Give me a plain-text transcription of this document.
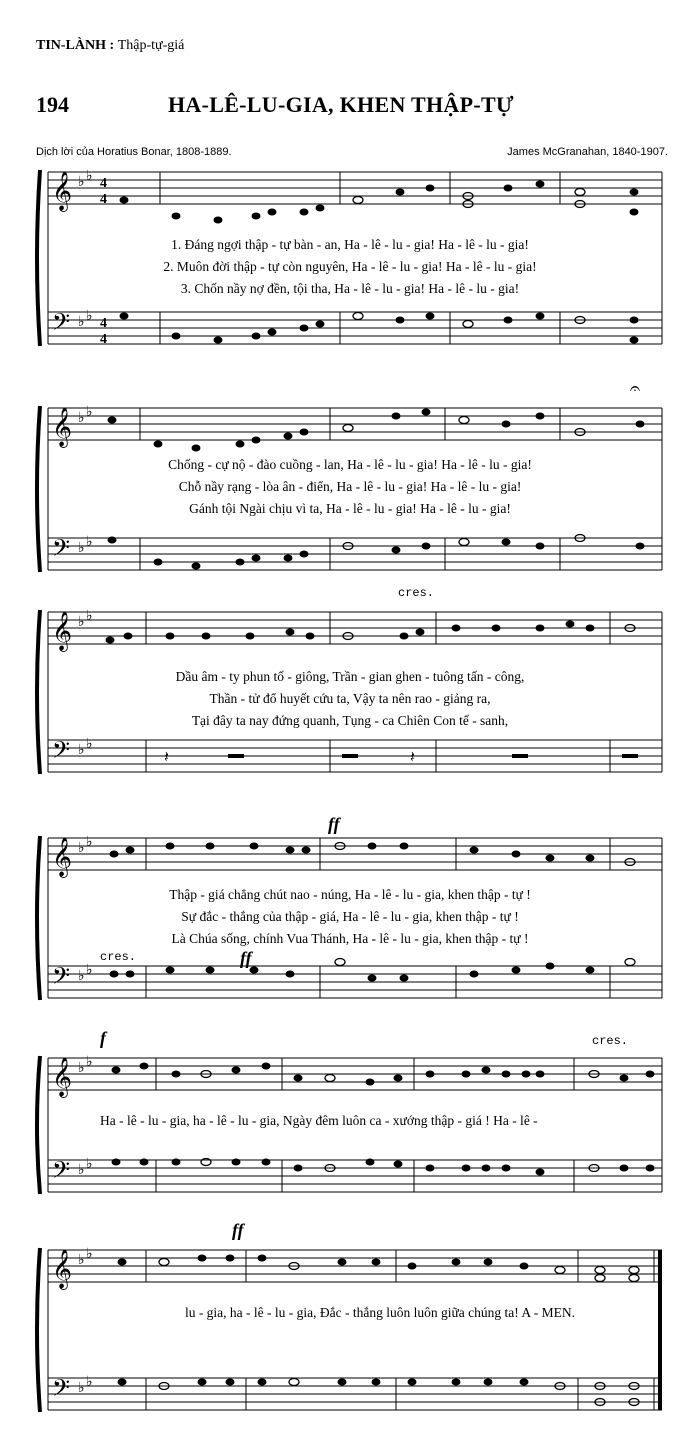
TIN-LÀNH : Thập-tự-giá
194	HA-LÊ-LU-GIA, KHEN THẬP-TỰ
Dịch lời của Horatius Bonar, 1808-1889.	James McGranahan, 1840-1907.
𝄞
𝄢
♭ ♭
♭ ♭
4
4
4
4
1. Đáng ngợi thập - tự bàn - an, Ha - lê - lu - gia! Ha - lê - lu - gia!
2. Muôn đời thập - tự còn nguyên, Ha - lê - lu - gia! Ha - lê - lu - gia!
3. Chốn nầy nợ đền, tội tha, Ha - lê - lu - gia! Ha - lê - lu - gia!
𝄞
𝄢
♭ ♭
♭ ♭
𝄐
Chống - cự nộ - đào cuồng - lan, Ha - lê - lu - gia! Ha - lê - lu - gia!
Chỗ nầy rạng - lòa ân - điển, Ha - lê - lu - gia! Ha - lê - lu - gia!
Gánh tội Ngài chịu vì ta, Ha - lê - lu - gia! Ha - lê - lu - gia!
cres.
𝄞
𝄢
♭ ♭
♭ ♭
𝄽	𝄽
Dầu âm - ty phun tố - giông, Trần - gian ghen - tuông tấn - công,
Thần - tử đổ huyết cứu ta, Vậy ta nên rao - giảng ra,
Tại đây ta nay đứng quanh, Tụng - ca Chiên Con tế - sanh,
ff
ff
cres.
𝄞
𝄢
♭ ♭
♭ ♭
Thập - giá chẳng chút nao - núng, Ha - lê - lu - gia, khen thập - tự !
Sự đắc - thắng của thập - giá, Ha - lê - lu - gia, khen thập - tự !
Là Chúa sống, chính Vua Thánh, Ha - lê - lu - gia, khen thập - tự !
f	cres.
𝄞
𝄢
♭ ♭
♭ ♭
Ha - lê - lu - gia, ha - lê - lu - gia, Ngày đêm luôn ca - xướng thập - giá ! Ha - lê -
ff
𝄞
𝄢
♭ ♭
♭ ♭
lu - gia, ha - lê - lu - gia, Đắc - thắng luôn luôn giữa chúng ta! A - MEN.
